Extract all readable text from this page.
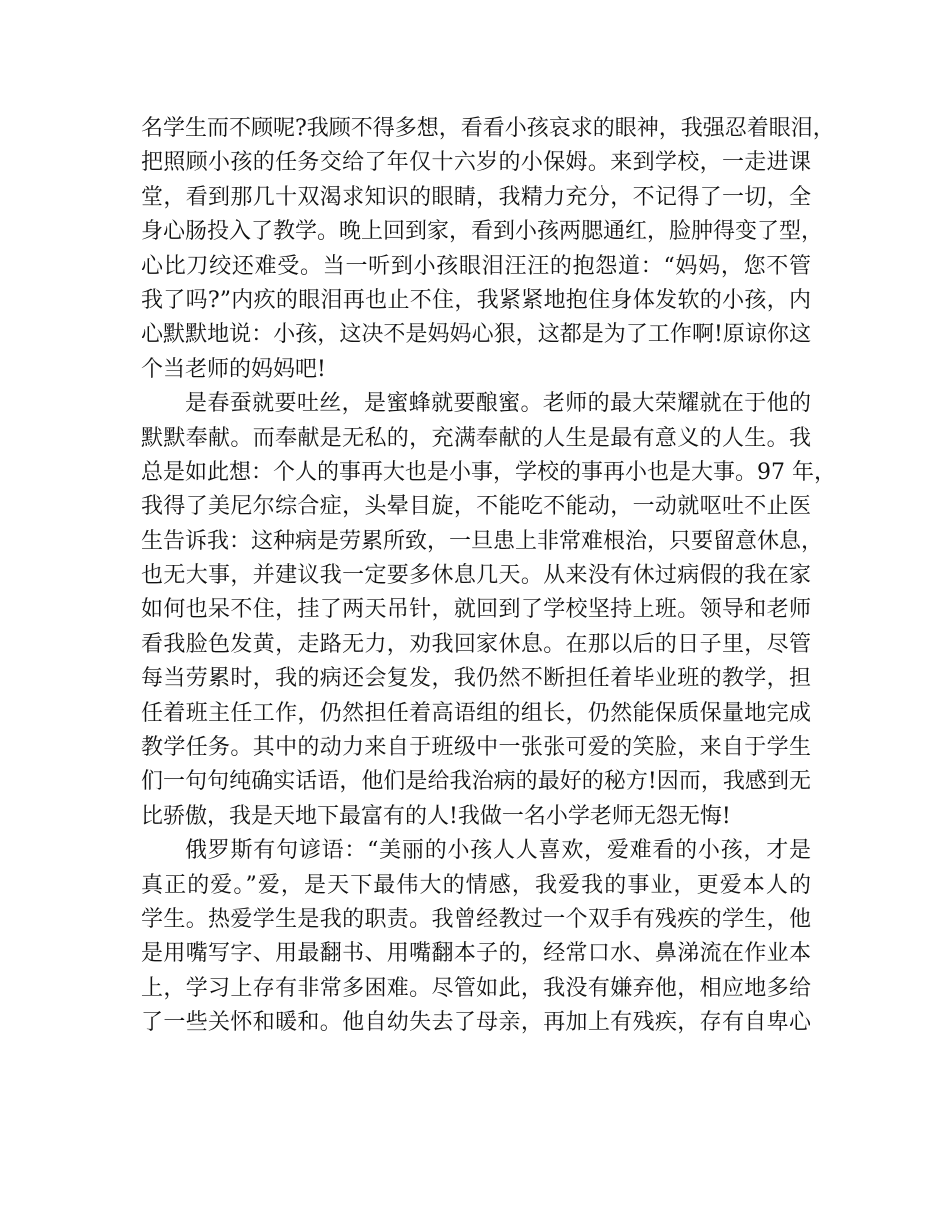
名学生而不顾呢?我顾不得多想，看看小孩哀求的眼神，我强忍着眼泪，
把照顾小孩的任务交给了年仅十六岁的小保姆。来到学校，一走进课
堂，看到那几十双渴求知识的眼睛，我精力充分，不记得了一切，全
身心肠投入了教学。晚上回到家，看到小孩两腮通红，脸肿得变了型，
心比刀绞还难受。当一听到小孩眼泪汪汪的抱怨道：“妈妈，您不管
我了吗?”内疚的眼泪再也止不住，我紧紧地抱住身体发软的小孩，内
心默默地说：小孩，这决不是妈妈心狠，这都是为了工作啊!原谅你这
个当老师的妈妈吧!
是春蚕就要吐丝，是蜜蜂就要酿蜜。老师的最大荣耀就在于他的
默默奉献。而奉献是无私的，充满奉献的人生是最有意义的人生。我
总是如此想：个人的事再大也是小事，学校的事再小也是大事。97 年，
我得了美尼尔综合症，头晕目旋，不能吃不能动，一动就呕吐不止医
生告诉我：这种病是劳累所致，一旦患上非常难根治，只要留意休息，
也无大事，并建议我一定要多休息几天。从来没有休过病假的我在家
如何也呆不住，挂了两天吊针，就回到了学校坚持上班。领导和老师
看我脸色发黄，走路无力，劝我回家休息。在那以后的日子里，尽管
每当劳累时，我的病还会复发，我仍然不断担任着毕业班的教学，担
任着班主任工作，仍然担任着高语组的组长，仍然能保质保量地完成
教学任务。其中的动力来自于班级中一张张可爱的笑脸，来自于学生
们一句句纯确实话语，他们是给我治病的最好的秘方!因而，我感到无
比骄傲，我是天地下最富有的人!我做一名小学老师无怨无悔!
俄罗斯有句谚语：“美丽的小孩人人喜欢，爱难看的小孩，才是
真正的爱。”爱，是天下最伟大的情感，我爱我的事业，更爱本人的
学生。热爱学生是我的职责。我曾经教过一个双手有残疾的学生，他
是用嘴写字、用最翻书、用嘴翻本子的，经常口水、鼻涕流在作业本
上，学习上存有非常多困难。尽管如此，我没有嫌弃他，相应地多给
了一些关怀和暖和。他自幼失去了母亲，再加上有残疾，存有自卑心
